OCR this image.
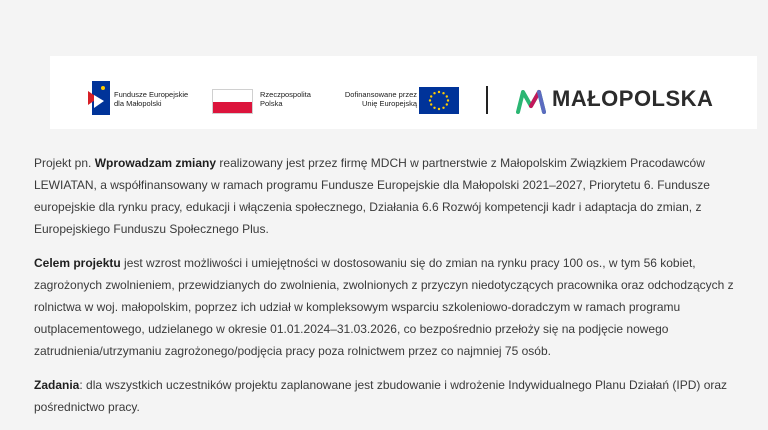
Fundusze Europejskie
dla Małopolski
Rzeczpospolita
Polska
Dofinansowane przez
Unię Europejską	MAŁOPOLSKA

Projekt pn. Wprowadzam zmiany realizowany jest przez firmę MDCH w partnerstwie z Małopolskim Związkiem Pracodawców LEWIATAN, a współfinansowany w ramach programu Fundusze Europejskie dla Małopolski 2021–2027, Priorytetu 6. Fundusze europejskie dla rynku pracy, edukacji i włączenia społecznego, Działania 6.6 Rozwój kompetencji kadr i adaptacja do zmian, z Europejskiego Funduszu Społecznego Plus.

Celem projektu jest wzrost możliwości i umiejętności w dostosowaniu się do zmian na rynku pracy 100 os., w tym 56 kobiet, zagrożonych zwolnieniem, przewidzianych do zwolnienia, zwolnionych z przyczyn niedotyczących pracownika oraz odchodzących z rolnictwa w woj. małopolskim, poprzez ich udział w kompleksowym wsparciu szkoleniowo-doradczym w ramach programu outplacementowego, udzielanego w okresie 01.01.2024–31.03.2026, co bezpośrednio przełoży się na podjęcie nowego zatrudnienia/utrzymaniu zagrożonego/podjęcia pracy poza rolnictwem przez co najmniej 75 osób.

Zadania: dla wszystkich uczestników projektu zaplanowane jest zbudowanie i wdrożenie Indywidualnego Planu Działań (IPD) oraz pośrednictwo pracy.
